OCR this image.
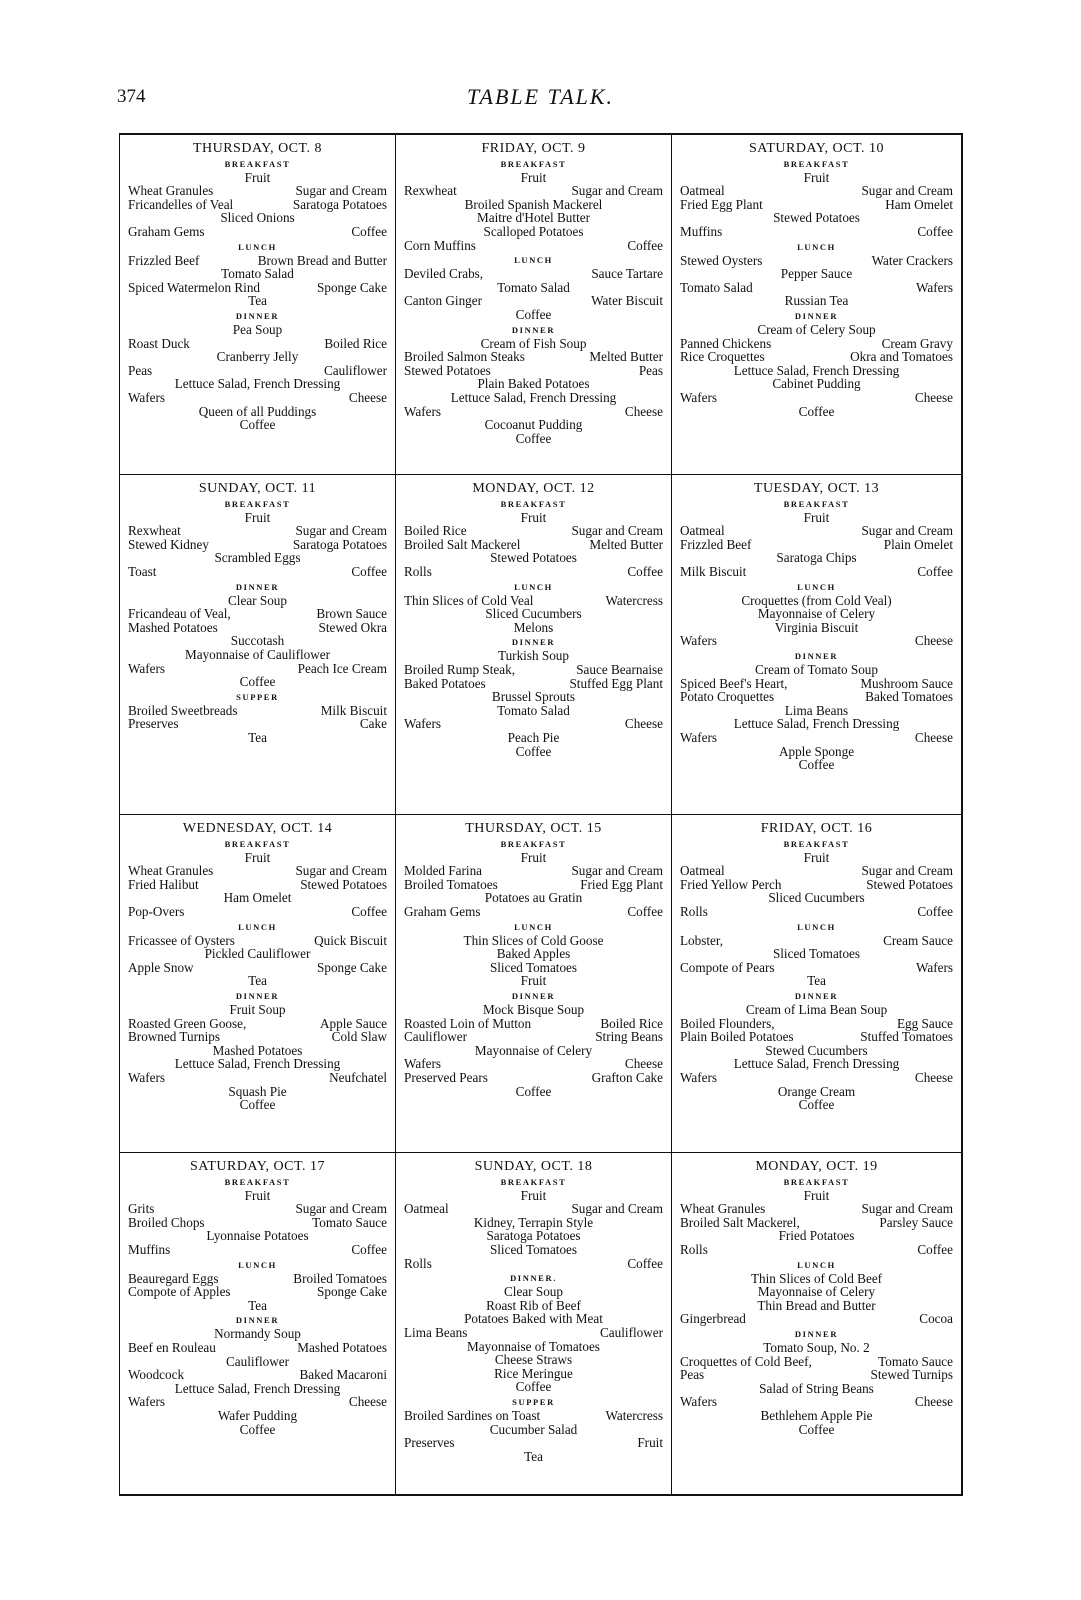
374	TABLE TALK.
THURSDAY, OCT. 8
BREAKFAST
Fruit
Wheat Granules	Sugar and Cream
Fricandelles of Veal	Saratoga Potatoes
Sliced Onions
Graham Gems	Coffee
LUNCH
Frizzled Beef	Brown Bread and Butter
Tomato Salad
Spiced Watermelon Rind	Sponge Cake
Tea
DINNER
Pea Soup
Roast Duck	Boiled Rice
Cranberry Jelly
Peas	Cauliflower
Lettuce Salad, French Dressing
Wafers	Cheese
Queen of all Puddings
Coffee
FRIDAY, OCT. 9
BREAKFAST
Fruit
Rexwheat	Sugar and Cream
Broiled Spanish Mackerel
Maitre d'Hotel Butter
Scalloped Potatoes
Corn Muffins	Coffee
LUNCH
Deviled Crabs,	Sauce Tartare
Tomato Salad
Canton Ginger	Water Biscuit
Coffee
DINNER
Cream of Fish Soup
Broiled Salmon Steaks	Melted Butter
Stewed Potatoes	Peas
Plain Baked Potatoes
Lettuce Salad, French Dressing
Wafers	Cheese
Cocoanut Pudding
Coffee
SATURDAY, OCT. 10
BREAKFAST
Fruit
Oatmeal	Sugar and Cream
Fried Egg Plant	Ham Omelet
Stewed Potatoes
Muffins	Coffee
LUNCH
Stewed Oysters	Water Crackers
Pepper Sauce
Tomato Salad	Wafers
Russian Tea
DINNER
Cream of Celery Soup
Panned Chickens	Cream Gravy
Rice Croquettes	Okra and Tomatoes
Lettuce Salad, French Dressing
Cabinet Pudding
Wafers	Cheese
Coffee
SUNDAY, OCT. 11
BREAKFAST
Fruit
Rexwheat	Sugar and Cream
Stewed Kidney	Saratoga Potatoes
Scrambled Eggs
Toast	Coffee
DINNER
Clear Soup
Fricandeau of Veal,	Brown Sauce
Mashed Potatoes	Stewed Okra
Succotash
Mayonnaise of Cauliflower
Wafers	Peach Ice Cream
Coffee
SUPPER
Broiled Sweetbreads	Milk Biscuit
Preserves	Cake
Tea
MONDAY, OCT. 12
BREAKFAST
Fruit
Boiled Rice	Sugar and Cream
Broiled Salt Mackerel	Melted Butter
Stewed Potatoes
Rolls	Coffee
LUNCH
Thin Slices of Cold Veal	Watercress
Sliced Cucumbers
Melons
DINNER
Turkish Soup
Broiled Rump Steak,	Sauce Bearnaise
Baked Potatoes	Stuffed Egg Plant
Brussel Sprouts
Tomato Salad
Wafers	Cheese
Peach Pie
Coffee
TUESDAY, OCT. 13
BREAKFAST
Fruit
Oatmeal	Sugar and Cream
Frizzled Beef	Plain Omelet
Saratoga Chips
Milk Biscuit	Coffee
LUNCH
Croquettes (from Cold Veal)
Mayonnaise of Celery
Virginia Biscuit
Wafers	Cheese
DINNER
Cream of Tomato Soup
Spiced Beef's Heart,	Mushroom Sauce
Potato Croquettes	Baked Tomatoes
Lima Beans
Lettuce Salad, French Dressing
Wafers	Cheese
Apple Sponge
Coffee
WEDNESDAY, OCT. 14
BREAKFAST
Fruit
Wheat Granules	Sugar and Cream
Fried Halibut	Stewed Potatoes
Ham Omelet
Pop-Overs	Coffee
LUNCH
Fricassee of Oysters	Quick Biscuit
Pickled Cauliflower
Apple Snow	Sponge Cake
Tea
DINNER
Fruit Soup
Roasted Green Goose,	Apple Sauce
Browned Turnips	Cold Slaw
Mashed Potatoes
Lettuce Salad, French Dressing
Wafers	Neufchatel
Squash Pie
Coffee
THURSDAY, OCT. 15
BREAKFAST
Fruit
Molded Farina	Sugar and Cream
Broiled Tomatoes	Fried Egg Plant
Potatoes au Gratin
Graham Gems	Coffee
LUNCH
Thin Slices of Cold Goose
Baked Apples
Sliced Tomatoes
Fruit
DINNER
Mock Bisque Soup
Roasted Loin of Mutton	Boiled Rice
Cauliflower	String Beans
Mayonnaise of Celery
Wafers	Cheese
Preserved Pears	Grafton Cake
Coffee
FRIDAY, OCT. 16
BREAKFAST
Fruit
Oatmeal	Sugar and Cream
Fried Yellow Perch	Stewed Potatoes
Sliced Cucumbers
Rolls	Coffee
LUNCH
Lobster,	Cream Sauce
Sliced Tomatoes
Compote of Pears	Wafers
Tea
DINNER
Cream of Lima Bean Soup
Boiled Flounders,	Egg Sauce
Plain Boiled Potatoes	Stuffed Tomatoes
Stewed Cucumbers
Lettuce Salad, French Dressing
Wafers	Cheese
Orange Cream
Coffee
SATURDAY, OCT. 17
BREAKFAST
Fruit
Grits	Sugar and Cream
Broiled Chops	Tomato Sauce
Lyonnaise Potatoes
Muffins	Coffee
LUNCH
Beauregard Eggs	Broiled Tomatoes
Compote of Apples	Sponge Cake
Tea
DINNER
Normandy Soup
Beef en Rouleau	Mashed Potatoes
Cauliflower
Woodcock	Baked Macaroni
Lettuce Salad, French Dressing
Wafers	Cheese
Wafer Pudding
Coffee
SUNDAY, OCT. 18
BREAKFAST
Fruit
Oatmeal	Sugar and Cream
Kidney, Terrapin Style
Saratoga Potatoes
Sliced Tomatoes
Rolls	Coffee
DINNER.
Clear Soup
Roast Rib of Beef
Potatoes Baked with Meat
Lima Beans	Cauliflower
Mayonnaise of Tomatoes
Cheese Straws
Rice Meringue
Coffee
SUPPER
Broiled Sardines on Toast	Watercress
Cucumber Salad
Preserves	Fruit
Tea
MONDAY, OCT. 19
BREAKFAST
Fruit
Wheat Granules	Sugar and Cream
Broiled Salt Mackerel,	Parsley Sauce
Fried Potatoes
Rolls	Coffee
LUNCH
Thin Slices of Cold Beef
Mayonnaise of Celery
Thin Bread and Butter
Gingerbread	Cocoa
DINNER
Tomato Soup, No. 2
Croquettes of Cold Beef,	Tomato Sauce
Peas	Stewed Turnips
Salad of String Beans
Wafers	Cheese
Bethlehem Apple Pie
Coffee
